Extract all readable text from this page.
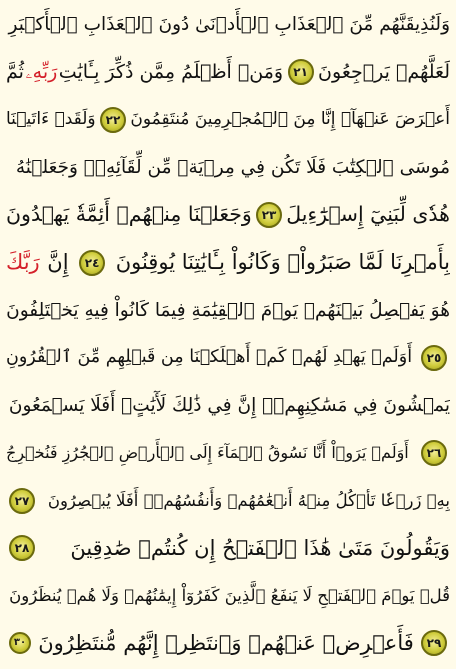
وَلَنُذِيقَنَّهُم مِّنَ ٱلۡعَذَابِ ٱلۡأَدۡنَىٰ دُونَ ٱلۡعَذَابِ ٱلۡأَكۡبَرِ
لَعَلَّهُمۡ يَرۡجِعُونَ
٢١
وَمَنۡ أَظۡلَمُ مِمَّن ذُكِّرَ بِـَٔايَٰتِ
رَبِّهِۦ
ثُمَّ
أَعۡرَضَ عَنۡهَآۚ إِنَّا مِنَ ٱلۡمُجۡرِمِينَ مُنتَقِمُونَ
٢٢
وَلَقَدۡ ءَاتَيۡنَا
مُوسَى ٱلۡكِتَٰبَ فَلَا تَكُن فِي مِرۡيَةٖ مِّن لِّقَآئِهِۦۖ وَجَعَلۡنَٰهُ
هُدٗى لِّبَنِيٓ إِسۡرَٰٓءِيلَ
٢٣
وَجَعَلۡنَا مِنۡهُمۡ أَئِمَّةٗ يَهۡدُونَ
بِأَمۡرِنَا لَمَّا صَبَرُواْۖ وَكَانُواْ بِـَٔايَٰتِنَا يُوقِنُونَ
٢٤
إِنَّ
رَبَّكَ
هُوَ يَفۡصِلُ بَيۡنَهُمۡ يَوۡمَ ٱلۡقِيَٰمَةِ فِيمَا كَانُواْ فِيهِ يَخۡتَلِفُونَ
٢٥
أَوَلَمۡ يَهۡدِ لَهُمۡ كَمۡ أَهۡلَكۡنَا مِن قَبۡلِهِم مِّنَ ٱلۡقُرُونِ
يَمۡشُونَ فِي مَسَٰكِنِهِمۡۚ إِنَّ فِي ذَٰلِكَ لَأٓيَٰتٍۚ أَفَلَا يَسۡمَعُونَ
٢٦
أَوَلَمۡ يَرَوۡاْ أَنَّا نَسُوقُ ٱلۡمَآءَ إِلَى ٱلۡأَرۡضِ ٱلۡجُرُزِ فَنُخۡرِجُ
بِهِۦ زَرۡعٗا تَأۡكُلُ مِنۡهُ أَنۡعَٰمُهُمۡ وَأَنفُسُهُمۡۚ أَفَلَا يُبۡصِرُونَ
٢٧
وَيَقُولُونَ مَتَىٰ هَٰذَا ٱلۡفَتۡحُ إِن كُنتُمۡ صَٰدِقِينَ
٢٨
قُلۡ يَوۡمَ ٱلۡفَتۡحِ لَا يَنفَعُ ٱلَّذِينَ كَفَرُوٓاْ إِيمَٰنُهُمۡ وَلَا هُمۡ يُنظَرُونَ
٢٩
فَأَعۡرِضۡ عَنۡهُمۡ وَٱنتَظِرۡ إِنَّهُم مُّنتَظِرُونَ
٣٠
